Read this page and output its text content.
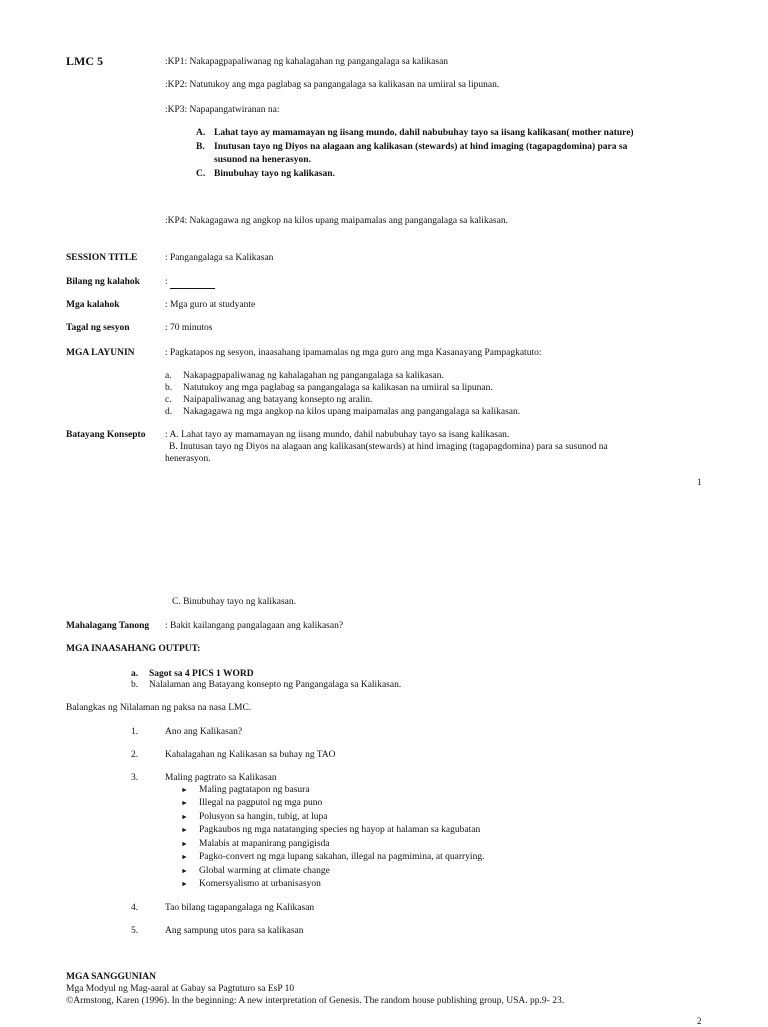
LMC 5	:KP1: Nakapagpapaliwanag ng kahalagahan ng pangangalaga sa kalikasan
:KP2: Natutukoy ang mga paglabag sa pangangalaga sa kalikasan na umiiral sa lipunan.
:KP3: Napapangatwiranan na:
A. Lahat tayo ay mamamayan ng iisang mundo, dahil nabubuhay tayo sa iisang kalikasan( mother nature)
B. Inutusan tayo ng Diyos na alagaan ang kalikasan (stewards) at hind imaging (tagapagdomina) para sa
susunod na henerasyon.
C. Binubuhay tayo ng kalikasan.
:KP4: Nakagagawa ng angkop na kilos upang maipamalas ang pangangalaga sa kalikasan.
SESSION TITLE	: Pangangalaga sa Kalikasan
Bilang ng kalahok	:
Mga kalahok	: Mga guro at studyante
Tagal ng sesyon	: 70 minutos
MGA LAYUNIN	: Pagkatapos ng sesyon, inaasahang ipamamalas ng mga guro ang mga Kasanayang Pampagkatuto:
a. Nakapagpapaliwanag ng kahalagahan ng pangangalaga sa kalikasan.
b. Natutukoy ang mga paglabag sa pangangalaga sa kalikasan na umiiral sa lipunan.
c. Naipapaliwanag ang batayang konsepto ng aralin.
d. Nakagagawa ng mga angkop na kilos upang maipamalas ang pangangalaga sa kalikasan.
Batayang Konsepto : A. Lahat tayo ay mamamayan ng iisang mundo, dahil nabubuhay tayo sa isang kalikasan.
B. Inutusan tayo ng Diyos na alagaan ang kalikasan(stewards) at hind imaging (tagapagdomina) para sa susunod na
henerasyon.
1
C. Binubuhay tayo ng kalikasan.
Mahalagang Tanong : Bakit kailangang pangalagaan ang kalikasan?
MGA INAASAHANG OUTPUT:
a. Sagot sa 4 PICS 1 WORD
b. Nalalaman ang Batayang konsepto ng Pangangalaga sa Kalikasan.
Balangkas ng Nilalaman ng paksa na nasa LMC.
1.	Ano ang Kalikasan?
2.	Kahalagahan ng Kalikasan sa buhay ng TAO
3.	Maling pagtrato sa Kalikasan
► Maling pagtatapon ng basura
► Illegal na pagputol ng mga puno
► Polusyon sa hangin, tubig, at lupa
► Pagkaubos ng mga natatanging species ng hayop at halaman sa kagubatan
► Malabis at mapanirang pangigisda
► Pagko-convert ng mga lupang sakahan, illegal na pagmimina, at quarrying.
► Global warming at climate change
► Komersyalismo at urbanisasyon
4.	Tao bilang tagapangalaga ng Kalikasan
5.	Ang sampung utos para sa kalikasan
MGA SANGGUNIAN
Mga Modyul ng Mag-aaral at Gabay sa Pagtuturo sa EsP 10
©Armstong, Karen (1996). In the beginning: A new interpretation of Genesis. The random house publishing group, USA. pp.9- 23.
2
